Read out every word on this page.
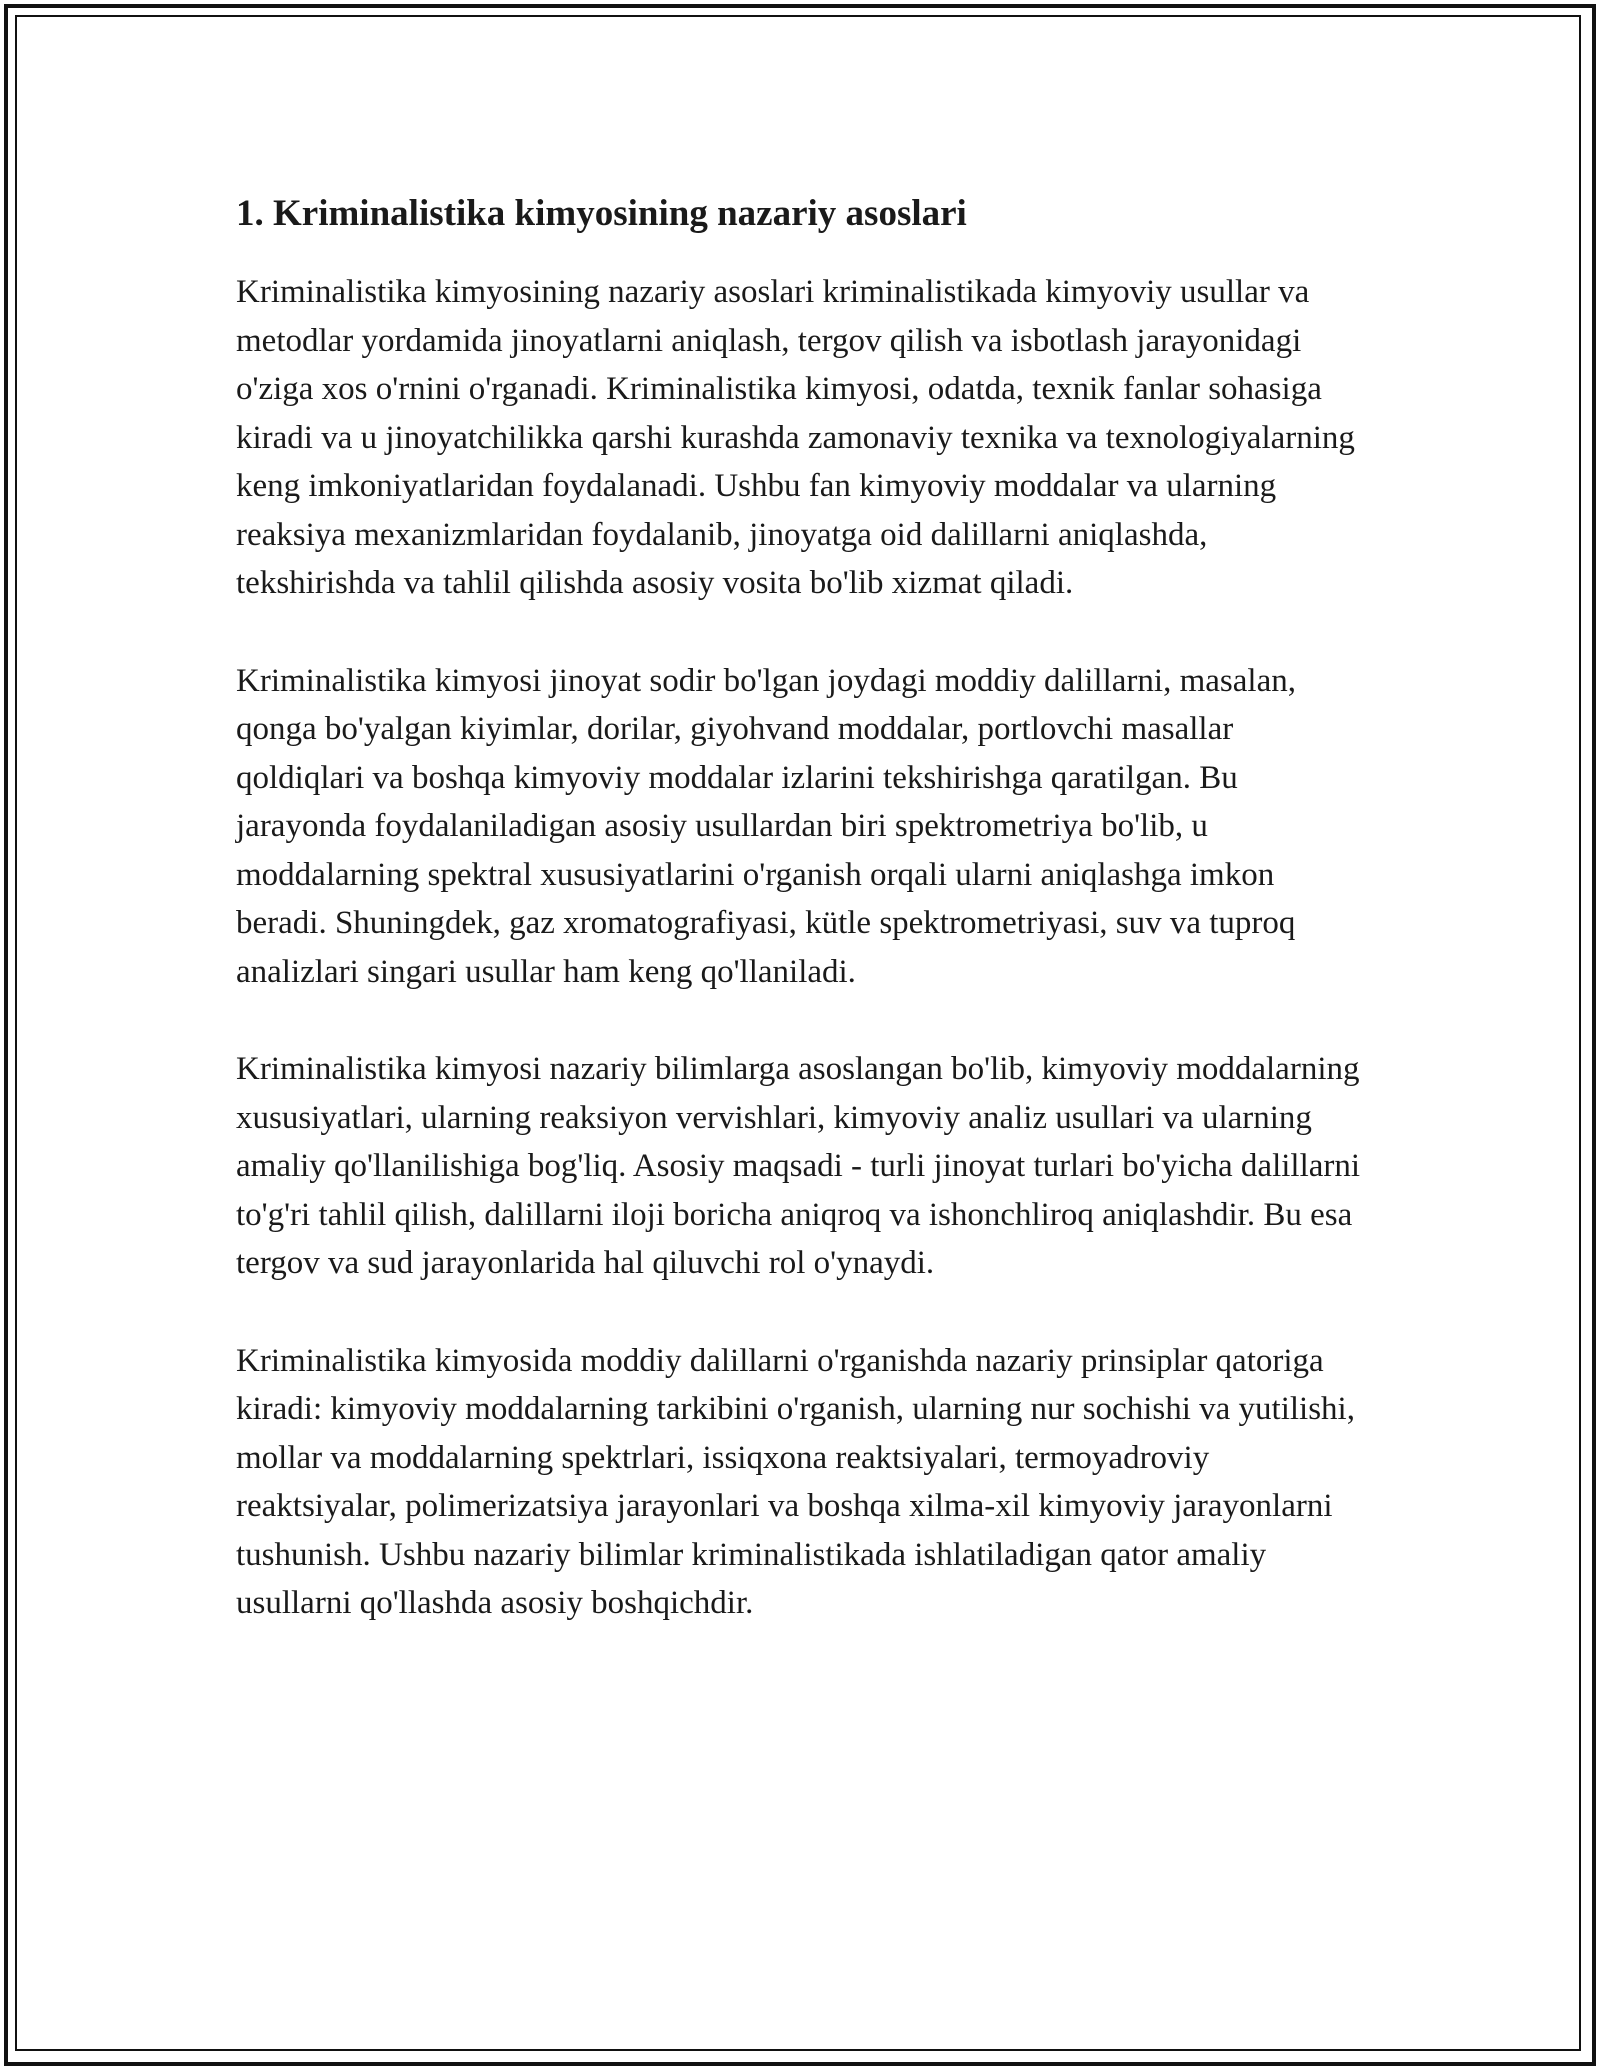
1. Kriminalistika kimyosining nazariy asoslari

Kriminalistika kimyosining nazariy asoslari kriminalistikada kimyoviy usullar va metodlar yordamida jinoyatlarni aniqlash, tergov qilish va isbotlash jarayonidagi o'ziga xos o'rnini o'rganadi. Kriminalistika kimyosi, odatda, texnik fanlar sohasiga kiradi va u jinoyatchilikka qarshi kurashda zamonaviy texnika va texnologiyalarning keng imkoniyatlaridan foydalanadi. Ushbu fan kimyoviy moddalar va ularning reaksiya mexanizmlaridan foydalanib, jinoyatga oid dalillarni aniqlashda, tekshirishda va tahlil qilishda asosiy vosita bo'lib xizmat qiladi.

Kriminalistika kimyosi jinoyat sodir bo'lgan joydagi moddiy dalillarni, masalan, qonga bo'yalgan kiyimlar, dorilar, giyohvand moddalar, portlovchi masallar qoldiqlari va boshqa kimyoviy moddalar izlarini tekshirishga qaratilgan. Bu jarayonda foydalaniladigan asosiy usullardan biri spektrometriya bo'lib, u moddalarning spektral xususiyatlarini o'rganish orqali ularni aniqlashga imkon beradi. Shuningdek, gaz xromatografiyasi, kütle spektrometriyasi, suv va tuproq analizlari singari usullar ham keng qo'llaniladi.

Kriminalistika kimyosi nazariy bilimlarga asoslangan bo'lib, kimyoviy moddalarning xususiyatlari, ularning reaksiyon vervishlari, kimyoviy analiz usullari va ularning amaliy qo'llanilishiga bog'liq. Asosiy maqsadi - turli jinoyat turlari bo'yicha dalillarni to'g'ri tahlil qilish, dalillarni iloji boricha aniqroq va ishonchliroq aniqlashdir. Bu esa tergov va sud jarayonlarida hal qiluvchi rol o'ynaydi.

Kriminalistika kimyosida moddiy dalillarni o'rganishda nazariy prinsiplar qatoriga kiradi: kimyoviy moddalarning tarkibini o'rganish, ularning nur sochishi va yutilishi, mollar va moddalarning spektrlari, issiqxona reaktsiyalari, termoyadroviy reaktsiyalar, polimerizatsiya jarayonlari va boshqa xilma-xil kimyoviy jarayonlarni tushunish. Ushbu nazariy bilimlar kriminalistikada ishlatiladigan qator amaliy usullarni qo'llashda asosiy boshqichdir.
